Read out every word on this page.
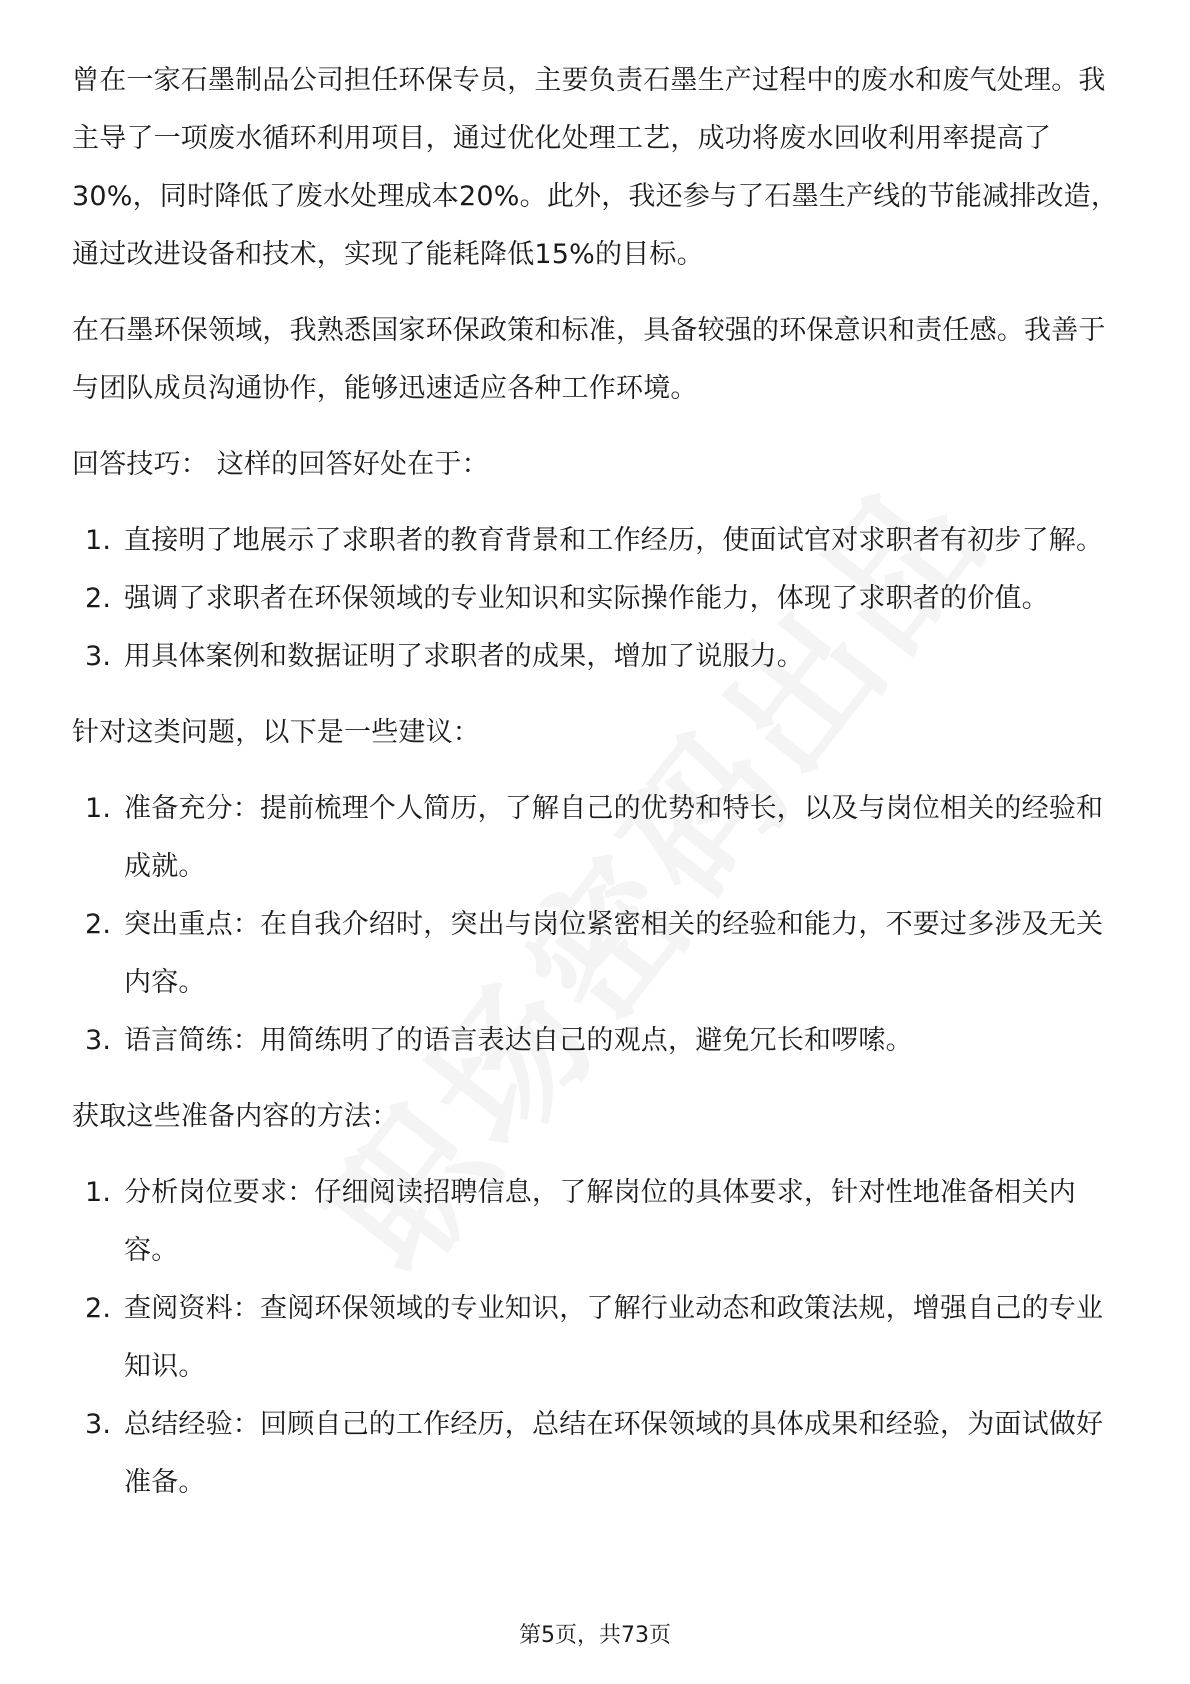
曾在一家石墨制品公司担任环保专员，主要负责石墨生产过程中的废水和废气处理。我主导了一项废水循环利用项目，通过优化处理工艺，成功将废水回收利用率提高了30%，同时降低了废水处理成本20%。此外，我还参与了石墨生产线的节能减排改造，通过改进设备和技术，实现了能耗降低15%的目标。

在石墨环保领域，我熟悉国家环保政策和标准，具备较强的环保意识和责任感。我善于与团队成员沟通协作，能够迅速适应各种工作环境。

回答技巧： 这样的回答好处在于：

1. 直接明了地展示了求职者的教育背景和工作经历，使面试官对求职者有初步了解。
2. 强调了求职者在环保领域的专业知识和实际操作能力，体现了求职者的价值。
3. 用具体案例和数据证明了求职者的成果，增加了说服力。

针对这类问题，以下是一些建议：

1. 准备充分：提前梳理个人简历，了解自己的优势和特长，以及与岗位相关的经验和成就。
2. 突出重点：在自我介绍时，突出与岗位紧密相关的经验和能力，不要过多涉及无关内容。
3. 语言简练：用简练明了的语言表达自己的观点，避免冗长和啰嗦。

获取这些准备内容的方法：

1. 分析岗位要求：仔细阅读招聘信息，了解岗位的具体要求，针对性地准备相关内容。
2. 查阅资料：查阅环保领域的专业知识，了解行业动态和政策法规，增强自己的专业知识。
3. 总结经验：回顾自己的工作经历，总结在环保领域的具体成果和经验，为面试做好准备。
第5页，共73页
